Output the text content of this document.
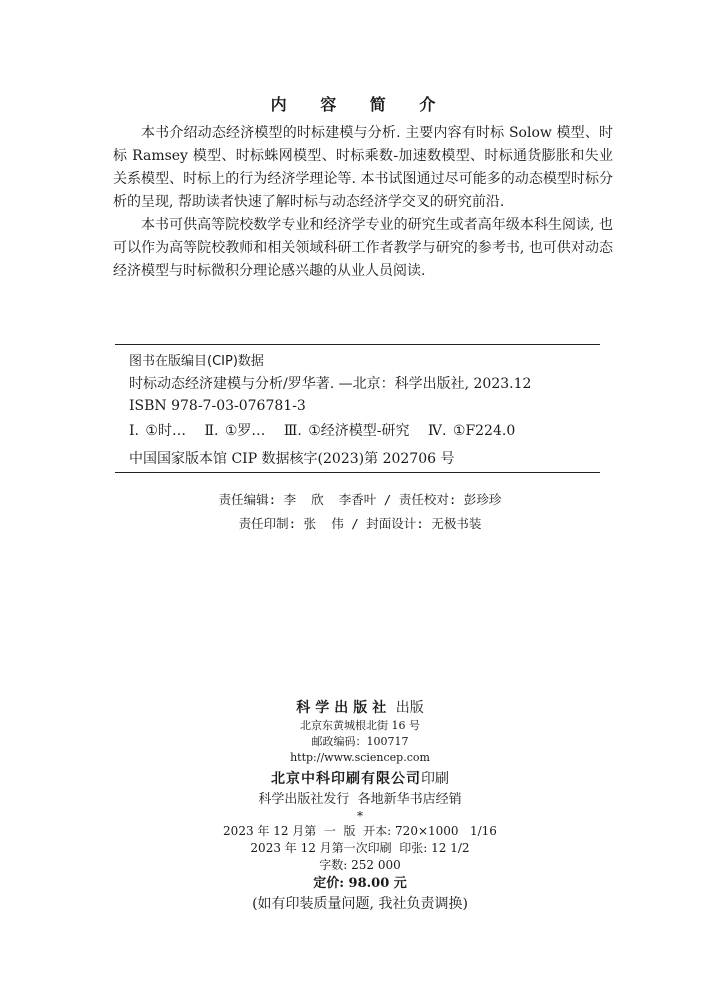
内 容 简 介

本书介绍动态经济模型的时标建模与分析. 主要内容有时标 Solow 模型、时标 Ramsey 模型、时标蛛网模型、时标乘数-加速数模型、时标通货膨胀和失业关系模型、时标上的行为经济学理论等. 本书试图通过尽可能多的动态模型时标分析的呈现, 帮助读者快速了解时标与动态经济学交叉的研究前沿.

本书可供高等院校数学专业和经济学专业的研究生或者高年级本科生阅读, 也可以作为高等院校教师和相关领域科研工作者教学与研究的参考书, 也可供对动态经济模型与时标微积分理论感兴趣的从业人员阅读.

图书在版编目(CIP)数据
时标动态经济建模与分析/罗华著. —北京：科学出版社, 2023.12
ISBN 978-7-03-076781-3
Ⅰ. ①时… Ⅱ. ①罗… Ⅲ. ①经济模型-研究 Ⅳ. ①F224.0
中国国家版本馆 CIP 数据核字(2023)第 202706 号
责任编辑: 李  欣  李香叶 / 责任校对: 彭珍珍
责任印制: 张  伟 / 封面设计: 无极书装
科学出版社 出版
北京东黄城根北街 16 号
邮政编码：100717
http://www.sciencep.com
北京中科印刷有限公司印刷
科学出版社发行  各地新华书店经销
*
2023 年 12 月第  一  版  开本: 720×1000   1/16
2023 年 12 月第一次印刷  印张: 12 1/2
字数: 252 000
定价: 98.00 元
(如有印装质量问题, 我社负责调换)
